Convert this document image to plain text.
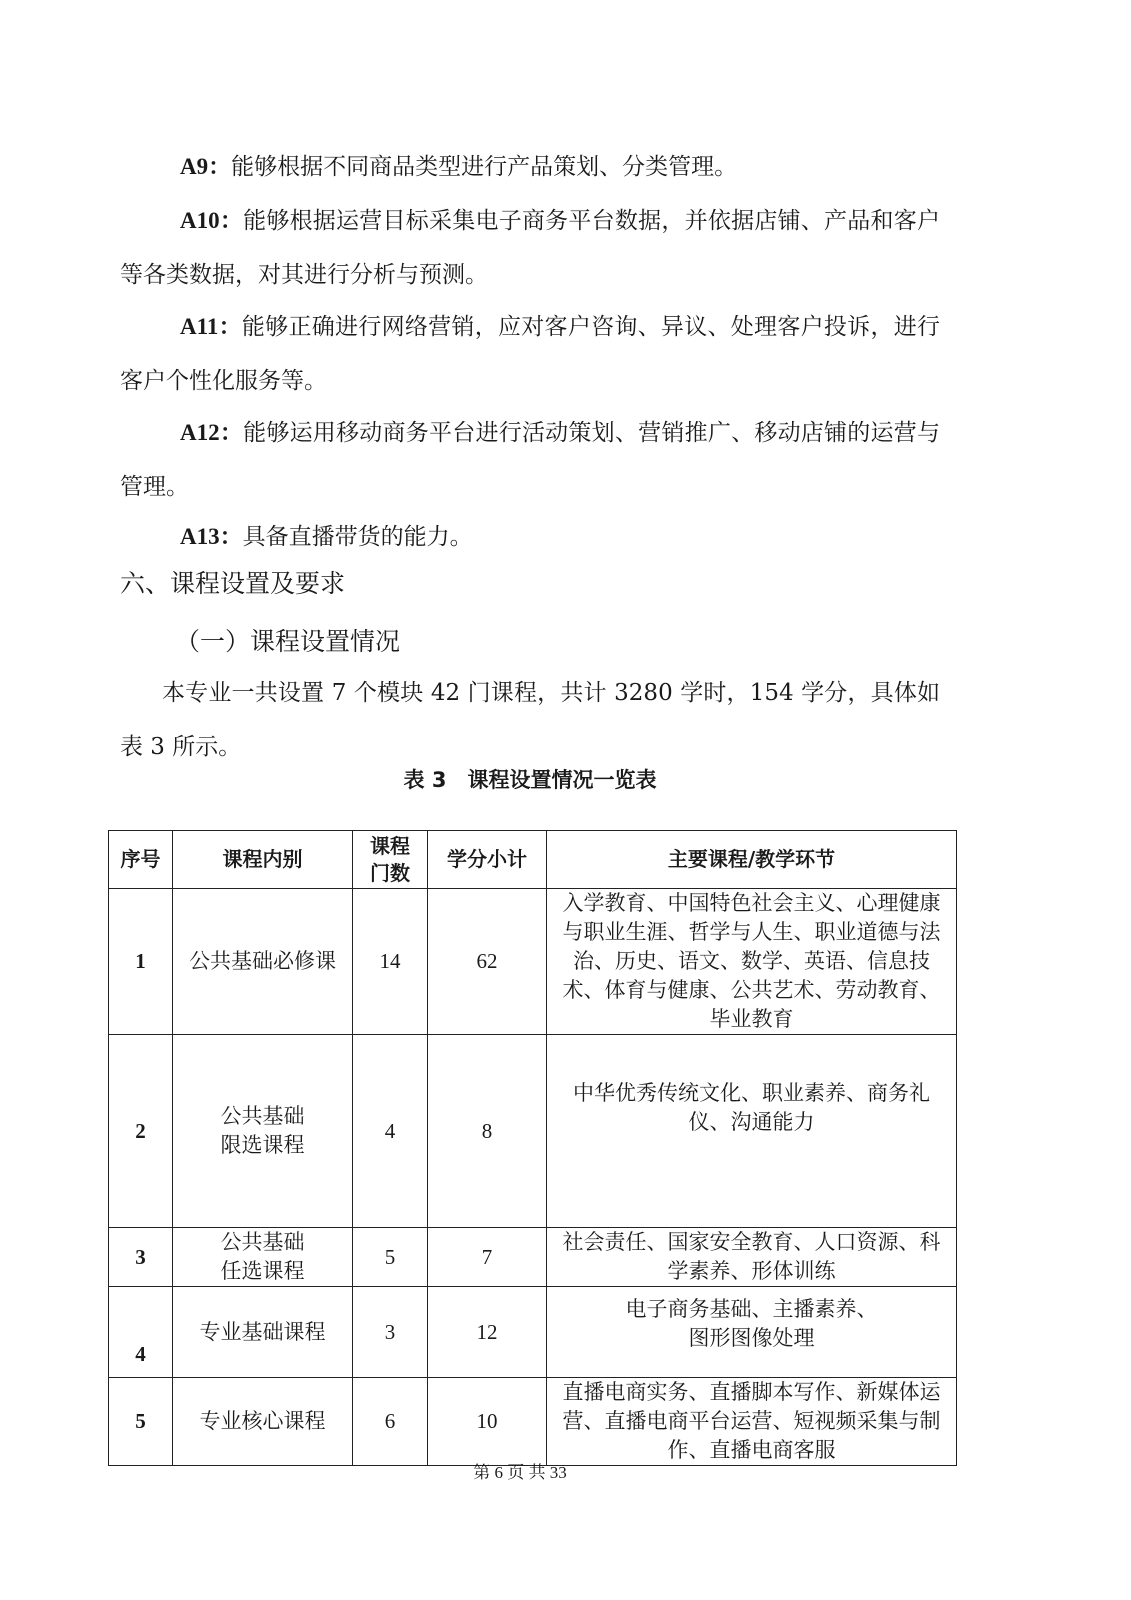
A9：能够根据不同商品类型进行产品策划、分类管理。

A10：能够根据运营目标采集电子商务平台数据，并依据店铺、产品和客户等各类数据，对其进行分析与预测。

A11：能够正确进行网络营销，应对客户咨询、异议、处理客户投诉，进行客户个性化服务等。

A12：能够运用移动商务平台进行活动策划、营销推广、移动店铺的运营与管理。

A13：具备直播带货的能力。

六、课程设置及要求
（一）课程设置情况

本专业一共设置 7 个模块 42 门课程，共计 3280 学时，154 学分，具体如表 3 所示。

表 3　课程设置情况一览表
序号	课程内别	课程门数	学分小计	主要课程/教学环节
1	公共基础必修课	14	62	入学教育、中国特色社会主义、心理健康与职业生涯、哲学与人生、职业道德与法治、历史、语文、数学、英语、信息技术、体育与健康、公共艺术、劳动教育、毕业教育
2	公共基础
限选课程	4	8	中华优秀传统文化、职业素养、商务礼仪、沟通能力
3	公共基础
任选课程	5	7	社会责任、国家安全教育、人口资源、科学素养、形体训练
4	专业基础课程	3	12	电子商务基础、主播素养、
图形图像处理

5	专业核心课程	6	10	直播电商实务、直播脚本写作、新媒体运营、直播电商平台运营、短视频采集与制作、直播电商客服
第 6 页 共 33
